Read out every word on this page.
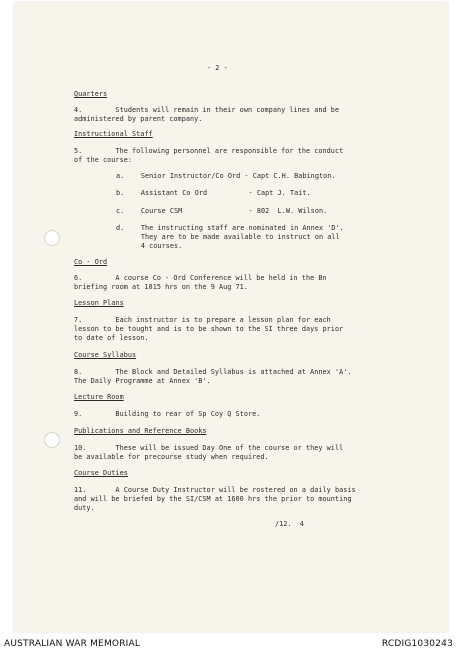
- 2 -
Quarters
4.        Students will remain in their own company lines and be
administered by parent company.
Instructional Staff
5.        The following personnel are responsible for the conduct
of the course:
a.    Senior Instructor/Co Ord - Capt C.H. Babington.
b.    Assistant Co Ord          - Capt J. Tait.
c.    Course CSM                - 802  L.W. Wilson.
d.    The instructing staff are nominated in Annex 'D'.
They are to be made available to instruct on all
4 courses.
Co - Ord
6.        A course Co - Ord Conference will be held in the Bn
briefing room at 1015 hrs on the 9 Aug 71.
Lesson Plans
7.        Each instructor is to prepare a lesson plan for each
lesson to be tought and is to be shown to the SI three days prior
to date of lesson.
Course Syllabus
8.        The Block and Detailed Syllabus is attached at Annex 'A'.
The Daily Programme at Annex 'B'.
Lecture Room
9.        Building to rear of Sp Coy Q Store.
Publications and Reference Books
10.       These will be issued Day One of the course or they will
be available for precourse study when required.
Course Duties
11.       A Course Duty Instructor will be rostered on a daily basis
and will be briefed by the SI/CSM at 1600 hrs the prior to mounting
duty.
/12.  4
AUSTRALIAN WAR MEMORIAL	RCDIG1030243
